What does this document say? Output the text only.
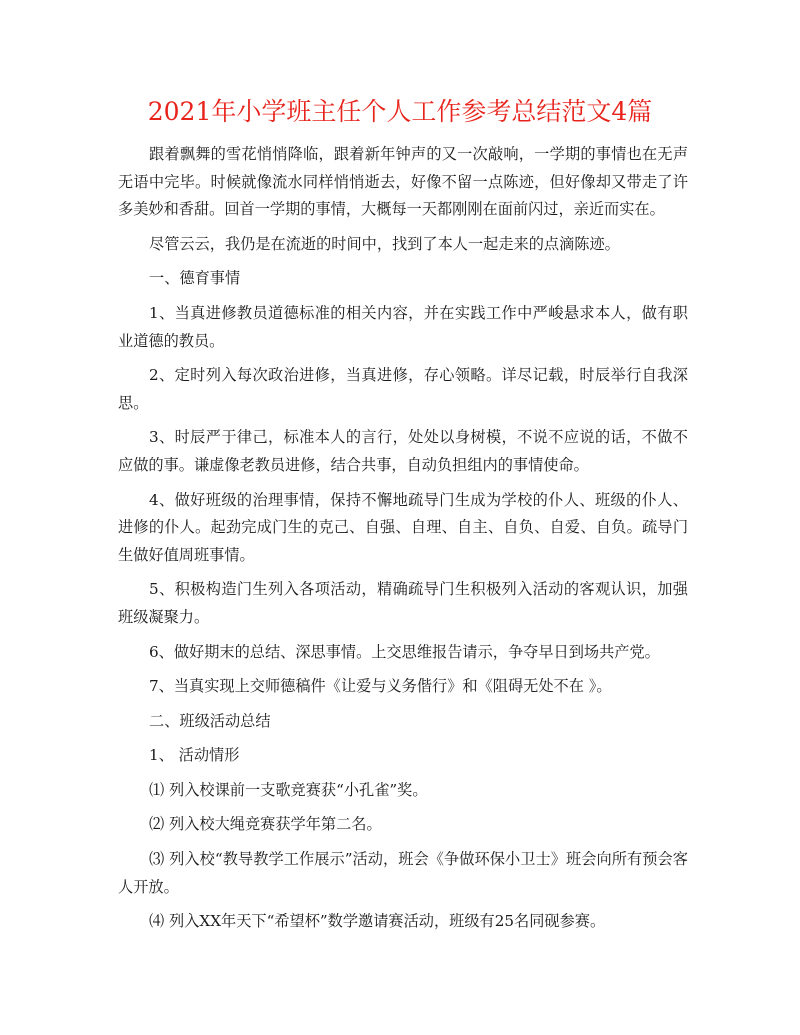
2021年小学班主任个人工作参考总结范文4篇

跟着飘舞的雪花悄悄降临，跟着新年钟声的又一次敲响，一学期的事情也在无声无语中完毕。时候就像流水同样悄悄逝去，好像不留一点陈迹，但好像却又带走了许多美妙和香甜。回首一学期的事情，大概每一天都刚刚在面前闪过，亲近而实在。

尽管云云，我仍是在流逝的时间中，找到了本人一起走来的点滴陈迹。

一、德育事情

1、当真进修教员道德标准的相关内容，并在实践工作中严峻悬求本人，做有职业道德的教员。

2、定时列入每次政治进修，当真进修，存心领略。详尽记载，时辰举行自我深思。

3、时辰严于律己，标准本人的言行，处处以身树模，不说不应说的话，不做不应做的事。谦虚像老教员进修，结合共事，自动负担组内的事情使命。

4、做好班级的治理事情，保持不懈地疏导门生成为学校的仆人、班级的仆人、进修的仆人。起劲完成门生的克己、自强、自理、自主、自负、自爱、自负。疏导门生做好值周班事情。

5、积极构造门生列入各项活动，精确疏导门生积极列入活动的客观认识，加强班级凝聚力。

6、做好期末的总结、深思事情。上交思维报告请示，争夺早日到场共产党。

7、当真实现上交师德稿件《让爱与义务偕行》和《阻碍无处不在 》。

二、班级活动总结

1、 活动情形

⑴ 列入校课前一支歌竞赛获“小孔雀”奖。

⑵ 列入校大绳竞赛获学年第二名。

⑶ 列入校“教导教学工作展示”活动，班会《争做环保小卫士》班会向所有预会客人开放。

⑷ 列入XX年天下“希望杯”数学邀请赛活动，班级有25名同砚参赛。
